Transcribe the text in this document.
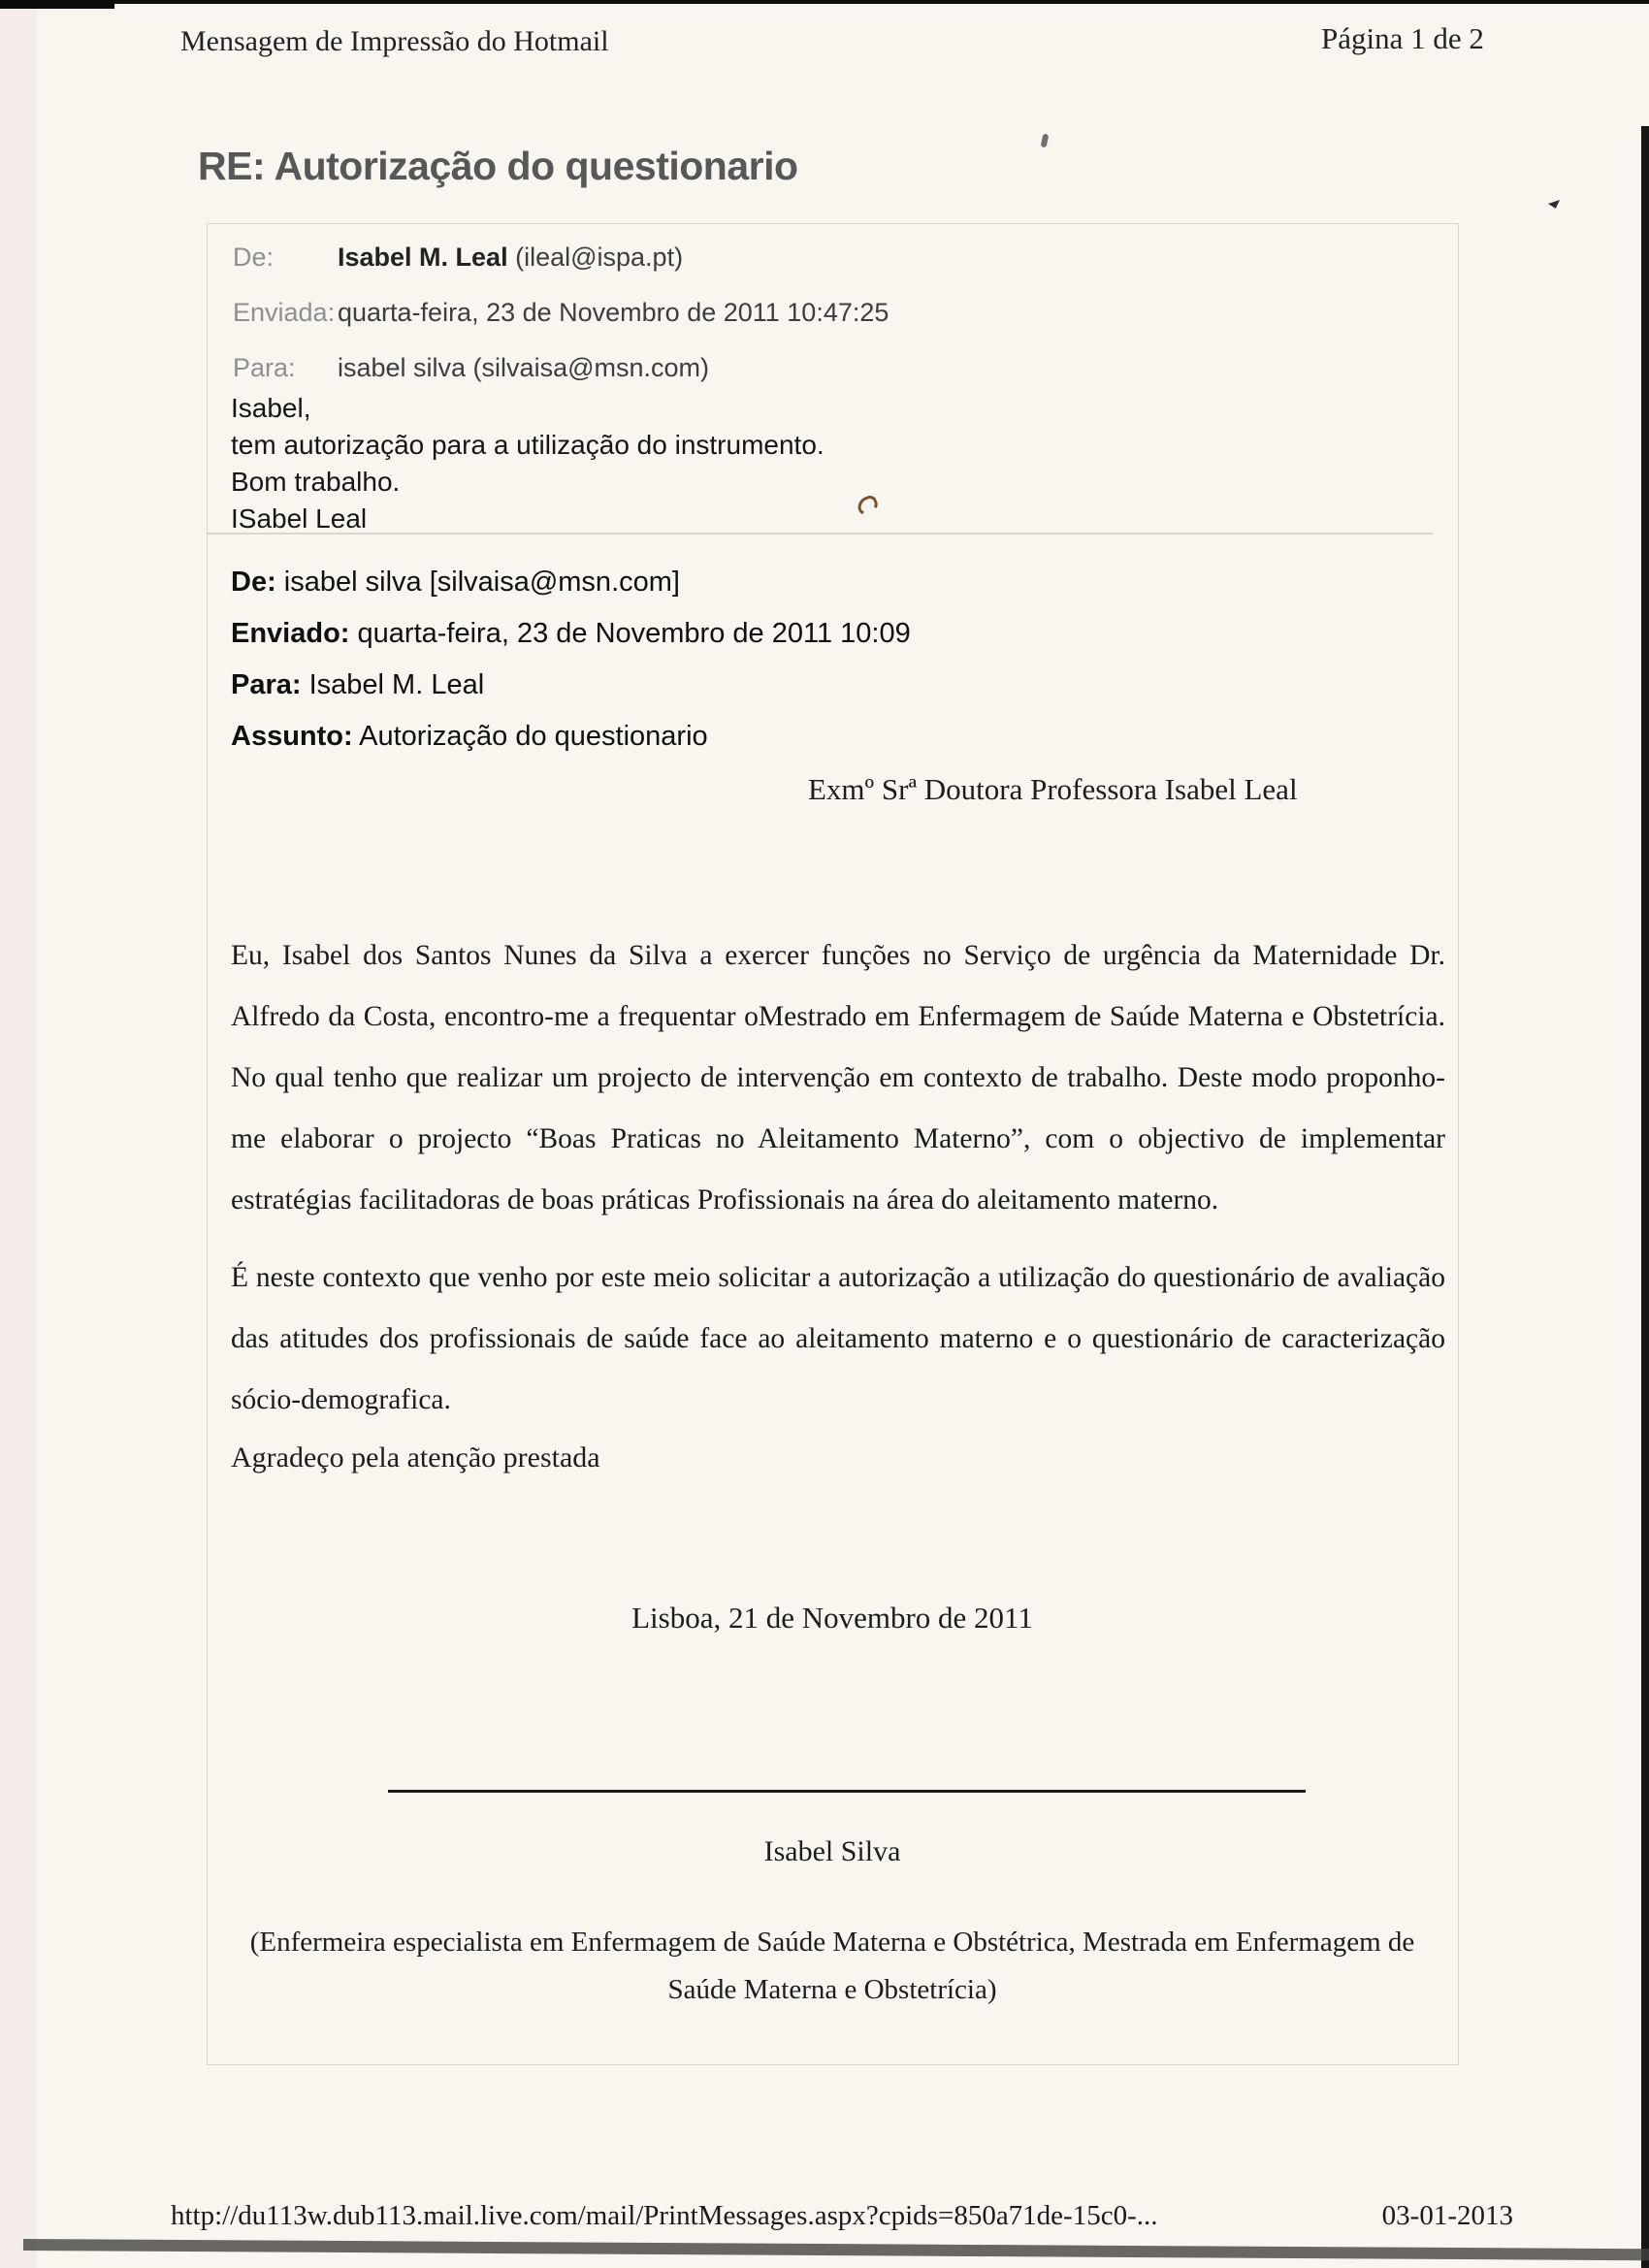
Mensagem de Impressão do Hotmail	Página 1 de 2
RE: Autorização do questionario
De: Isabel M. Leal (ileal@ispa.pt)
Enviada: quarta-feira, 23 de Novembro de 2011 10:47:25
Para: isabel silva (silvaisa@msn.com)
Isabel,
tem autorização para a utilização do instrumento.
Bom trabalho.
ISabel Leal
De: isabel silva [silvaisa@msn.com]
Enviado: quarta-feira, 23 de Novembro de 2011 10:09
Para: Isabel M. Leal
Assunto: Autorização do questionario
Exmº Srª Doutora Professora Isabel Leal
Eu, Isabel dos Santos Nunes da Silva a exercer funções no Serviço de urgência da Maternidade Dr. Alfredo da Costa, encontro-me a frequentar oMestrado em Enfermagem de Saúde Materna e Obstetrícia. No qual tenho que realizar um projecto de intervenção em contexto de trabalho. Deste modo proponho-me elaborar o projecto “Boas Praticas no Aleitamento Materno”, com o objectivo de implementar estratégias facilitadoras de boas práticas Profissionais na área do aleitamento materno.
É neste contexto que venho por este meio solicitar a autorização a utilização do questionário de avaliação das atitudes dos profissionais de saúde face ao aleitamento materno e o questionário de caracterização sócio-demografica.
Agradeço pela atenção prestada
Lisboa, 21 de Novembro de 2011
Isabel Silva
(Enfermeira especialista em Enfermagem de Saúde Materna e Obstétrica, Mestrada em Enfermagem de Saúde Materna e Obstetrícia)
http://du113w.dub113.mail.live.com/mail/PrintMessages.aspx?cpids=850a71de-15c0-...	03-01-2013
